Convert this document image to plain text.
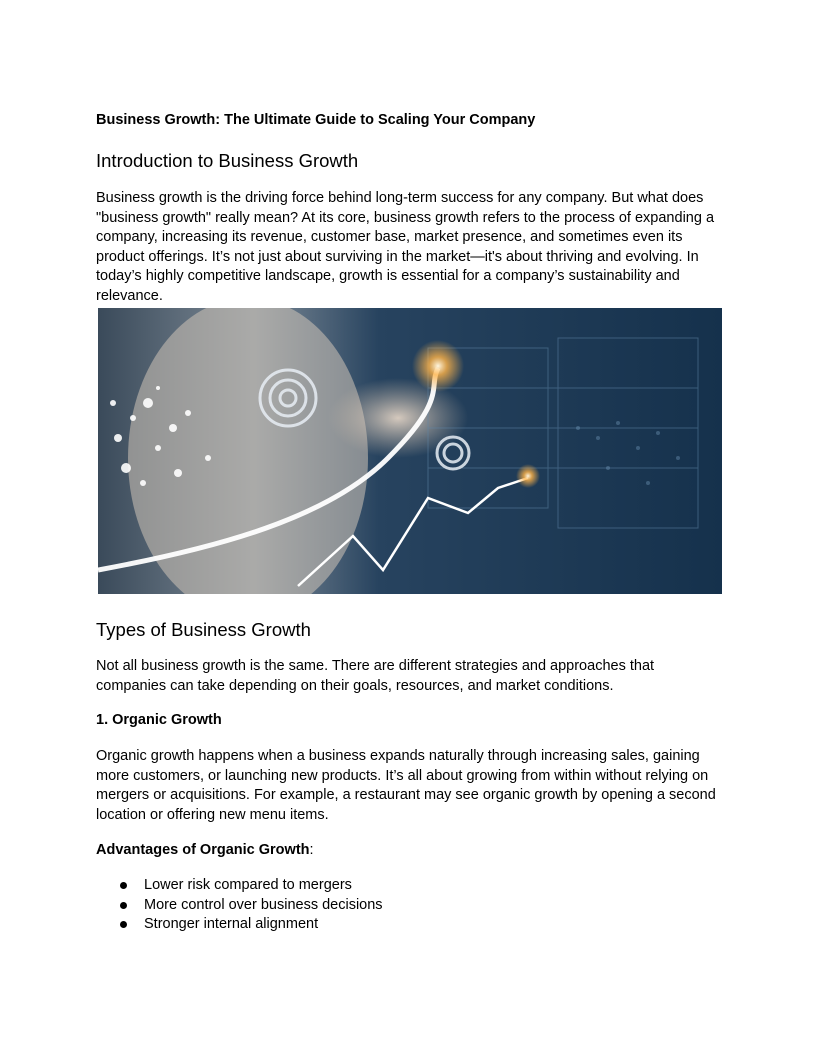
Business Growth: The Ultimate Guide to Scaling Your Company
Introduction to Business Growth
Business growth is the driving force behind long-term success for any company. But what does "business growth" really mean? At its core, business growth refers to the process of expanding a company, increasing its revenue, customer base, market presence, and sometimes even its product offerings. It’s not just about surviving in the market—it's about thriving and evolving. In today’s highly competitive landscape, growth is essential for a company’s sustainability and relevance.
Types of Business Growth
Not all business growth is the same. There are different strategies and approaches that companies can take depending on their goals, resources, and market conditions.
1. Organic Growth
Organic growth happens when a business expands naturally through increasing sales, gaining more customers, or launching new products. It’s all about growing from within without relying on mergers or acquisitions. For example, a restaurant may see organic growth by opening a second location or offering new menu items.
Advantages of Organic Growth:
Lower risk compared to mergers
More control over business decisions
Stronger internal alignment
